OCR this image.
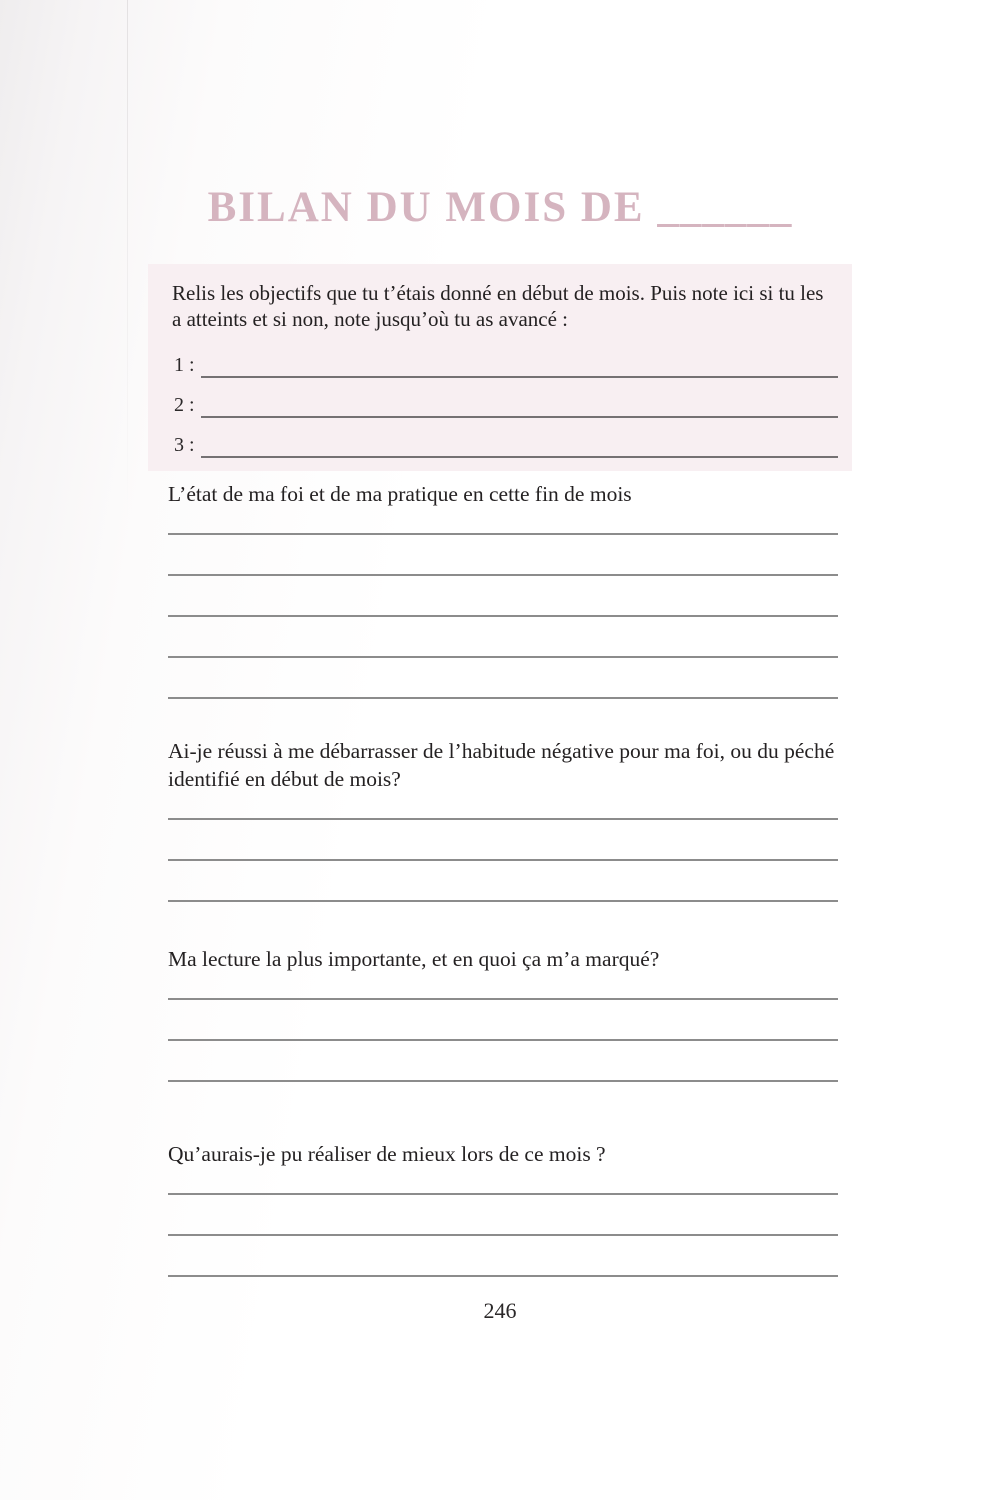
BILAN DU MOIS DE ______
Relis les objectifs que tu t’étais donné en début de mois. Puis note ici si tu les a atteints et si non, note jusqu’où tu as avancé :
1 :
2 :
3 :
L’état de ma foi et de ma pratique en cette fin de mois
Ai-je réussi à me débarrasser de l’habitude négative pour ma foi, ou du péché identifié en début de mois?
Ma lecture la plus importante, et en quoi ça m’a marqué?
Qu’aurais-je pu réaliser de mieux lors de ce mois ?
246
